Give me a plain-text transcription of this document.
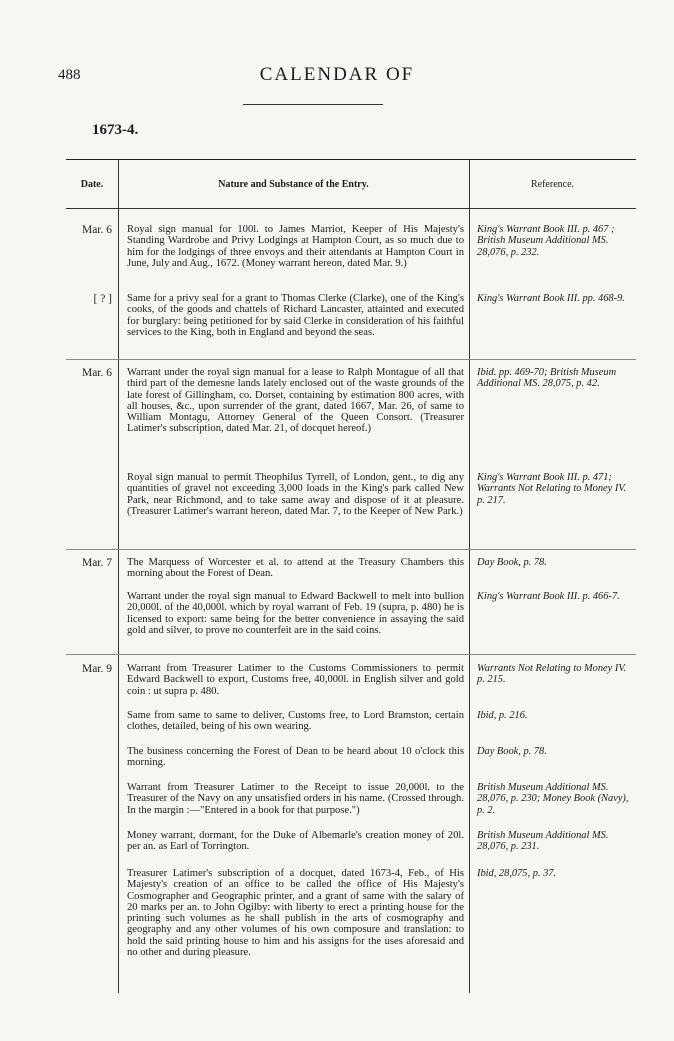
488	CALENDAR OF
1673-4.
Date.	Nature and Substance of the Entry.	Reference.
Mar. 6 Royal sign manual for 100l. to James Marriot, Keeper of His Majesty's Standing Wardrobe and Privy Lodgings at Hampton Court, as so much due to him for the lodgings of three envoys and their attendants at Hampton Court in June, July and Aug., 1672. (Money warrant hereon, dated Mar. 9.)
King's Warrant Book III. p. 467 ; British Museum Additional MS. 28,076, p. 232.
[ ? ] Same for a privy seal for a grant to Thomas Clerke (Clarke), one of the King's cooks, of the goods and chattels of Richard Lancaster, attainted and executed for burglary: being petitioned for by said Clerke in consideration of his faithful services to the King, both in England and beyond the seas.
King's Warrant Book III. pp. 468-9.
Mar. 6 Warrant under the royal sign manual for a lease to Ralph Montague of all that third part of the demesne lands lately enclosed out of the waste grounds of the late forest of Gillingham, co. Dorset, containing by estimation 800 acres, with all houses, &c., upon surrender of the grant, dated 1667, Mar. 26, of same to William Montagu, Attorney General of the Queen Consort. (Treasurer Latimer's subscription, dated Mar. 21, of docquet hereof.)
Ibid. pp. 469-70; British Museum Additional MS. 28,075, p. 42.
Royal sign manual to permit Theophilus Tyrrell, of London, gent., to dig any quantities of gravel not exceeding 3,000 loads in the King's park called New Park, near Richmond, and to take same away and dispose of it at pleasure. (Treasurer Latimer's warrant hereon, dated Mar. 7, to the Keeper of New Park.)
King's Warrant Book III. p. 471; Warrants Not Relating to Money IV. p. 217.
Mar. 7 The Marquess of Worcester et al. to attend at the Treasury Chambers this morning about the Forest of Dean.
Day Book, p. 78.
Warrant under the royal sign manual to Edward Backwell to melt into bullion 20,000l. of the 40,000l. which by royal warrant of Feb. 19 (supra, p. 480) he is licensed to export: same being for the better convenience in assaying the said gold and silver, to prove no counterfeit are in the said coins.
King's Warrant Book III. p. 466-7.
Mar. 9 Warrant from Treasurer Latimer to the Customs Commissioners to permit Edward Backwell to export, Customs free, 40,000l. in English silver and gold coin : ut supra p. 480.
Warrants Not Relating to Money IV. p. 215.
Same from same to same to deliver, Customs free, to Lord Bramston, certain clothes, detailed, being of his own wearing.
Ibid, p. 216.
The business concerning the Forest of Dean to be heard about 10 o'clock this morning.
Day Book, p. 78.
Warrant from Treasurer Latimer to the Receipt to issue 20,000l. to the Treasurer of the Navy on any unsatisfied orders in his name. (Crossed through. In the margin :—"Entered in a book for that purpose.")
British Museum Additional MS. 28,076, p. 230; Money Book (Navy), p. 2.
Money warrant, dormant, for the Duke of Albemarle's creation money of 20l. per an. as Earl of Torrington.
British Museum Additional MS. 28,076, p. 231.
Treasurer Latimer's subscription of a docquet, dated 1673-4, Feb., of His Majesty's creation of an office to be called the office of His Majesty's Cosmographer and Geographic printer, and a grant of same with the salary of 20 marks per an. to John Ogilby: with liberty to erect a printing house for the printing such volumes as he shall publish in the arts of cosmography and geography and any other volumes of his own composure and translation: to hold the said printing house to him and his assigns for the uses aforesaid and no other and during pleasure.
Ibid, 28,075, p. 37.
